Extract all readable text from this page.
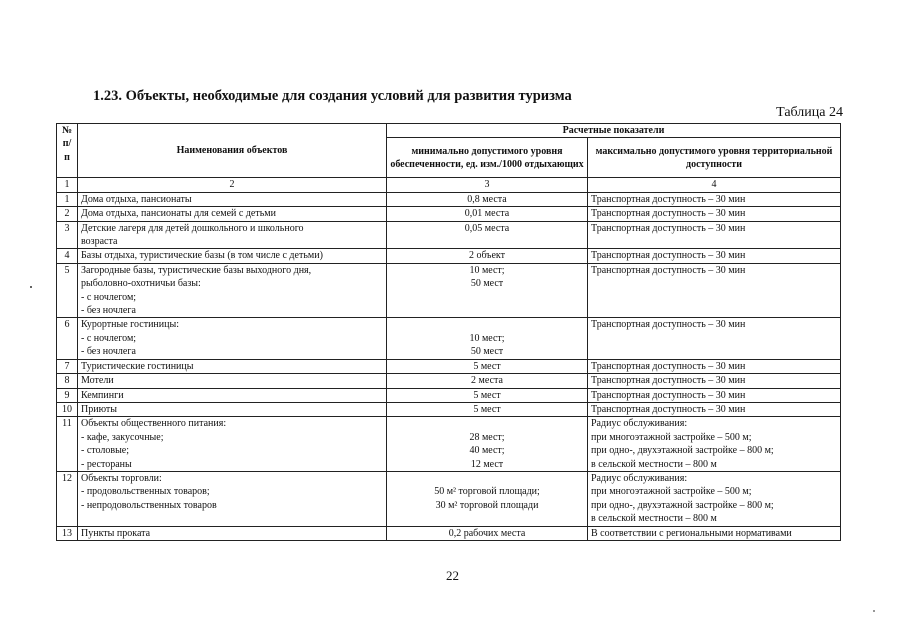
1.23. Объекты, необходимые для создания условий для развития туризма
Таблица 24
№ п/п	Наименования объектов	Расчетные показатели	
		минимально допустимого уровня обеспеченности, ед. изм./1000 отдыхающих	максимально допустимого уровня территориальной доступности
1	2	3	4
1	Дома отдыха, пансионаты	0,8 места	Транспортная доступность – 30 мин

2	Дома отдыха, пансионаты для семей с детьми	0,01 места	Транспортная доступность – 30 мин

3	Детские лагеря для детей дошкольного и школьного
возраста	0,05 места	Транспортная доступность – 30 мин

4	Базы отдыха, туристические базы (в том числе с детьми)	2 объект	Транспортная доступность – 30 мин

5	Загородные базы, туристические базы выходного дня,
рыболовно-охотничьи базы:
- с ночлегом;
- без ночлега	10 мест;
50 мест	Транспортная доступность – 30 мин

6	Курортные гостиницы:
- с ночлегом;
- без ночлега	10 мест;
50 мест	Транспортная доступность – 30 мин

7	Туристические гостиницы	5 мест	Транспортная доступность – 30 мин

8	Мотели	2 места	Транспортная доступность – 30 мин

9	Кемпинги	5 мест	Транспортная доступность – 30 мин

10	Приюты	5 мест	Транспортная доступность – 30 мин

11	Объекты общественного питания:
- кафе, закусочные;
- столовые;
- рестораны	28 мест;
40 мест;
12 мест	Радиус обслуживания:
при многоэтажной застройке – 500 м;
при одно-, двухэтажной застройке – 800 м;
в сельской местности – 800 м

12	Объекты торговли:
- продовольственных товаров;
- непродовольственных товаров	50 м² торговой площади;
30 м² торговой площади	Радиус обслуживания:
при многоэтажной застройке – 500 м;
при одно-, двухэтажной застройке – 800 м;
в сельской местности – 800 м

13	Пункты проката	0,2 рабочих места	В соответствии с региональными нормативами
22
